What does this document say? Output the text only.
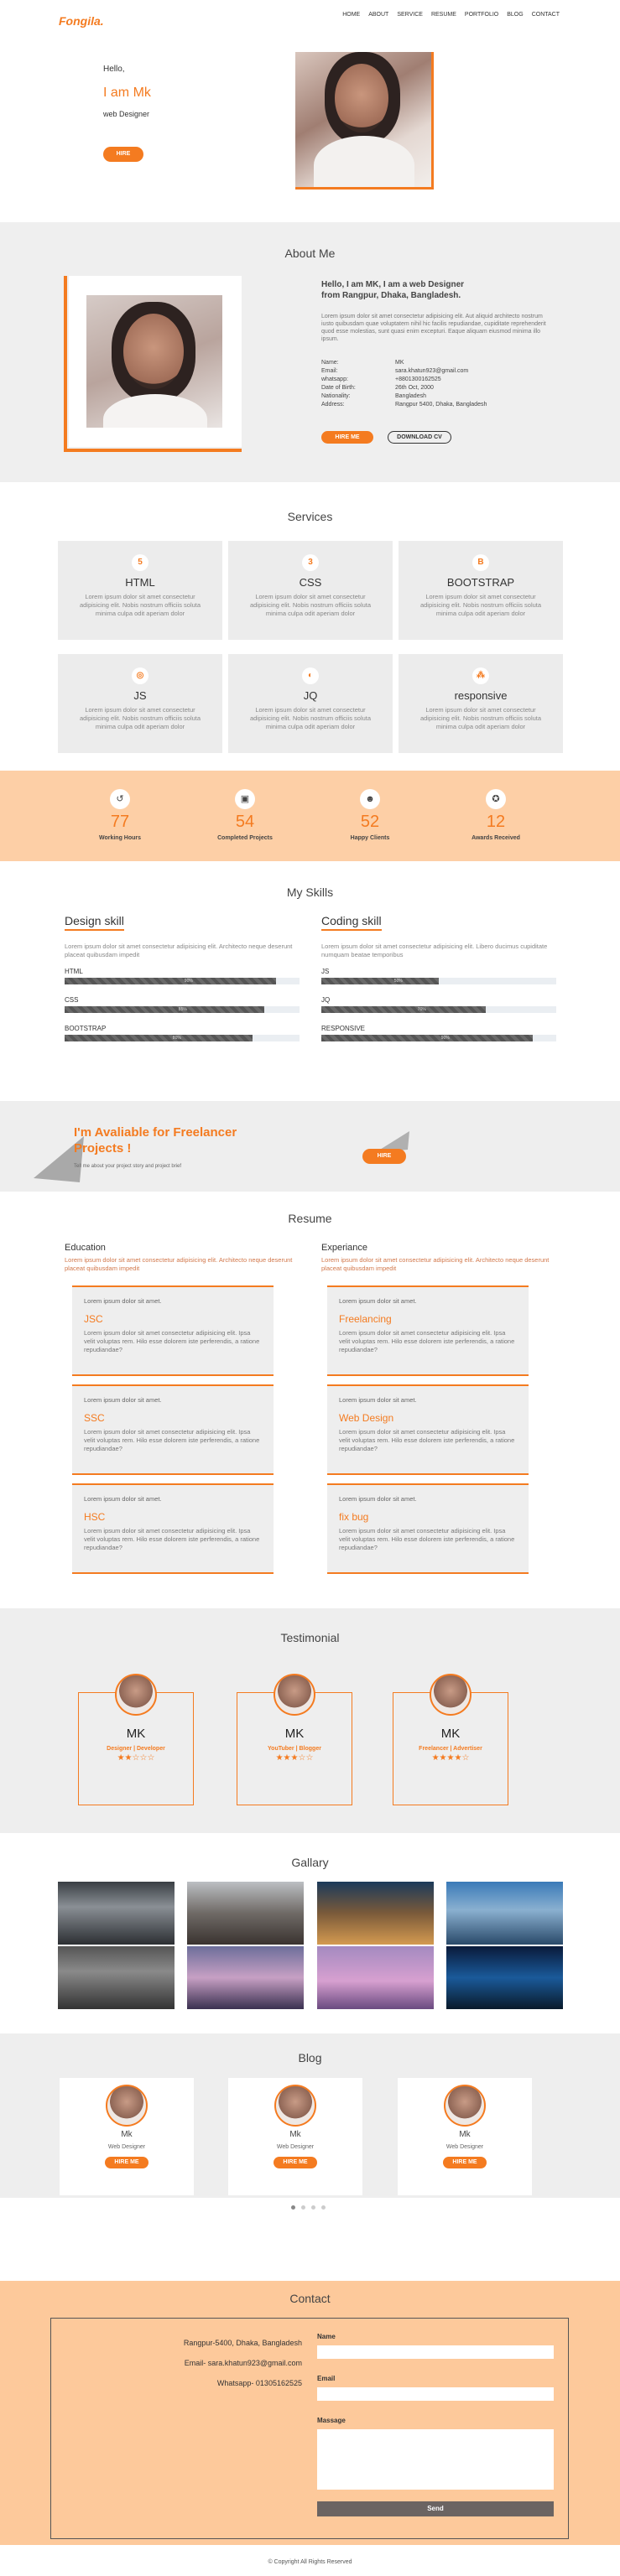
Fongila.	HOME ABOUT SERVICE RESUME PORTFOLIO BLOG CONTACT
Hello,
I am Mk
web Designer
HIRE
About Me
Hello, I am MK, I am a web Designer
from Rangpur, Dhaka, Bangladesh.
Lorem ipsum dolor sit amet consectetur adipisicing elit. Aut aliquid architecto nostrum iusto quibusdam quae voluptatem nihil hic facilis repudiandae, cupiditate reprehenderit quod esse molestias, sunt quasi enim excepturi. Eaque aliquam eiusmod minima illo ipsum.
Name:	MK
Email:	sara.khatun923@gmail.com
whatsapp:	+8801300162525
Date of Birth:	26th Oct, 2000
Nationality:	Bangladesh
Address:	Rangpur 5400, Dhaka, Bangladesh
HIRE ME	DOWNLOAD CV
Services
5
HTML
Lorem ipsum dolor sit amet consectetur adipisicing elit. Nobis nostrum officiis soluta minima culpa odit aperiam dolor
3
CSS
Lorem ipsum dolor sit amet consectetur adipisicing elit. Nobis nostrum officiis soluta minima culpa odit aperiam dolor
B
BOOTSTRAP
Lorem ipsum dolor sit amet consectetur adipisicing elit. Nobis nostrum officiis soluta minima culpa odit aperiam dolor
◎
JS
Lorem ipsum dolor sit amet consectetur adipisicing elit. Nobis nostrum officiis soluta minima culpa odit aperiam dolor
◐
JQ
Lorem ipsum dolor sit amet consectetur adipisicing elit. Nobis nostrum officiis soluta minima culpa odit aperiam dolor
⁂
responsive
Lorem ipsum dolor sit amet consectetur adipisicing elit. Nobis nostrum officiis soluta minima culpa odit aperiam dolor
↺
77
Working Hours
▣
54
Completed Projects
☻
52
Happy Clients
✪
12
Awards Received
My Skills
Design skill
Lorem ipsum dolor sit amet consectetur adipisicing elit. Architecto neque deserunt placeat quibusdam impedit
HTML
90%
CSS
85%
BOOTSTRAP
80%
Coding skill
Lorem ipsum dolor sit amet consectetur adipisicing elit. Libero ducimus cupiditate numquam beatae temporibus
JS
50%
JQ
70%
RESPONSIVE
90%
I'm Avaliable for Freelancer
Projects !
Tell me about your project story and project brief
HIRE
Resume
Education
Lorem ipsum dolor sit amet consectetur adipisicing elit. Architecto neque deserunt placeat quibusdam impedit
Experiance
Lorem ipsum dolor sit amet consectetur adipisicing elit. Architecto neque deserunt placeat quibusdam impedit
Lorem ipsum dolor sit amet.
JSC
Lorem ipsum dolor sit amet consectetur adipisicing elit. Ipsa velit voluptas rem. Hilo esse dolorem iste perferendis, a ratione repudiandae?
Lorem ipsum dolor sit amet.
SSC
Lorem ipsum dolor sit amet consectetur adipisicing elit. Ipsa velit voluptas rem. Hilo esse dolorem iste perferendis, a ratione repudiandae?
Lorem ipsum dolor sit amet.
HSC
Lorem ipsum dolor sit amet consectetur adipisicing elit. Ipsa velit voluptas rem. Hilo esse dolorem iste perferendis, a ratione repudiandae?
Lorem ipsum dolor sit amet.
Freelancing
Lorem ipsum dolor sit amet consectetur adipisicing elit. Ipsa velit voluptas rem. Hilo esse dolorem iste perferendis, a ratione repudiandae?
Lorem ipsum dolor sit amet.
Web Design
Lorem ipsum dolor sit amet consectetur adipisicing elit. Ipsa velit voluptas rem. Hilo esse dolorem iste perferendis, a ratione repudiandae?
Lorem ipsum dolor sit amet.
fix bug
Lorem ipsum dolor sit amet consectetur adipisicing elit. Ipsa velit voluptas rem. Hilo esse dolorem iste perferendis, a ratione repudiandae?
Testimonial
MK
Designer | Developer
★★☆☆☆
MK
YouTuber | Blogger
★★★☆☆
MK
Freelancer | Advertiser
★★★★☆
Gallary
Blog
Mk
Web Designer
HIRE ME
Mk
Web Designer
HIRE ME
Mk
Web Designer
HIRE ME
Contact
Rangpur-5400, Dhaka, Bangladesh
Email- sara.khatun923@gmail.com
Whatsapp- 01305162525
Name
Email
Massage
Send
© Copyright All Rights Reserved
